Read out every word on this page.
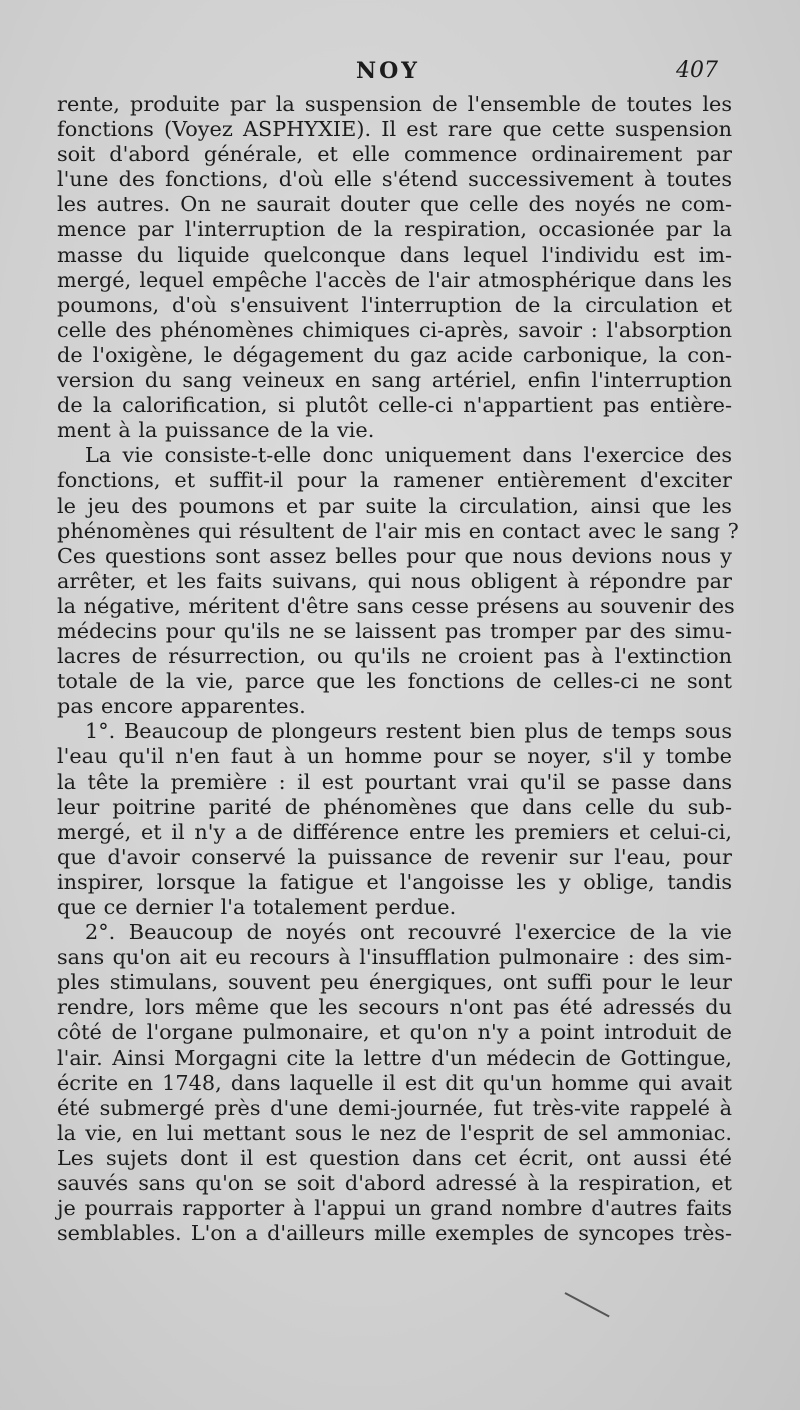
NOY	407
rente, produite par la suspension de l'ensemble de toutes les
fonctions (Voyez ASPHYXIE). Il est rare que cette suspension
soit d'abord générale, et elle commence ordinairement par
l'une des fonctions, d'où elle s'étend successivement à toutes
les autres. On ne saurait douter que celle des noyés ne com-
mence par l'interruption de la respiration, occasionée par la
masse du liquide quelconque dans lequel l'individu est im-
mergé, lequel empêche l'accès de l'air atmosphérique dans les
poumons, d'où s'ensuivent l'interruption de la circulation et
celle des phénomènes chimiques ci-après, savoir : l'absorption
de l'oxigène, le dégagement du gaz acide carbonique, la con-
version du sang veineux en sang artériel, enfin l'interruption
de la calorification, si plutôt celle-ci n'appartient pas entière-
ment à la puissance de la vie.
La vie consiste-t-elle donc uniquement dans l'exercice des
fonctions, et suffit-il pour la ramener entièrement d'exciter
le jeu des poumons et par suite la circulation, ainsi que les
phénomènes qui résultent de l'air mis en contact avec le sang ?
Ces questions sont assez belles pour que nous devions nous y
arrêter, et les faits suivans, qui nous obligent à répondre par
la négative, méritent d'être sans cesse présens au souvenir des
médecins pour qu'ils ne se laissent pas tromper par des simu-
lacres de résurrection, ou qu'ils ne croient pas à l'extinction
totale de la vie, parce que les fonctions de celles-ci ne sont
pas encore apparentes.
1°. Beaucoup de plongeurs restent bien plus de temps sous
l'eau qu'il n'en faut à un homme pour se noyer, s'il y tombe
la tête la première : il est pourtant vrai qu'il se passe dans
leur poitrine parité de phénomènes que dans celle du sub-
mergé, et il n'y a de différence entre les premiers et celui-ci,
que d'avoir conservé la puissance de revenir sur l'eau, pour
inspirer, lorsque la fatigue et l'angoisse les y oblige, tandis
que ce dernier l'a totalement perdue.
2°. Beaucoup de noyés ont recouvré l'exercice de la vie
sans qu'on ait eu recours à l'insufflation pulmonaire : des sim-
ples stimulans, souvent peu énergiques, ont suffi pour le leur
rendre, lors même que les secours n'ont pas été adressés du
côté de l'organe pulmonaire, et qu'on n'y a point introduit de
l'air. Ainsi Morgagni cite la lettre d'un médecin de Gottingue,
écrite en 1748, dans laquelle il est dit qu'un homme qui avait
été submergé près d'une demi-journée, fut très-vite rappelé à
la vie, en lui mettant sous le nez de l'esprit de sel ammoniac.
Les sujets dont il est question dans cet écrit, ont aussi été
sauvés sans qu'on se soit d'abord adressé à la respiration, et
je pourrais rapporter à l'appui un grand nombre d'autres faits
semblables. L'on a d'ailleurs mille exemples de syncopes très-
